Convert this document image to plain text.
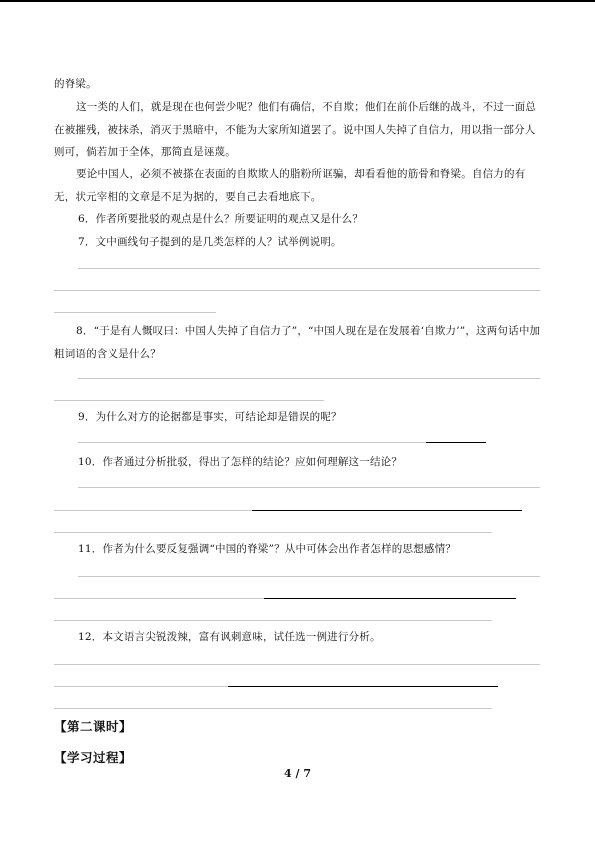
的脊梁。
这一类的人们，就是现在也何尝少呢？他们有确信，不自欺；他们在前仆后继的战斗，不过一面总在被摧残，被抹杀，消灭于黑暗中，不能为大家所知道罢了。说中国人失掉了自信力，用以指一部分人则可，倘若加于全体，那简直是诬蔑。
要论中国人，必须不被搽在表面的自欺欺人的脂粉所诓骗，却看看他的筋骨和脊梁。自信力的有无，状元宰相的文章是不足为据的，要自己去看地底下。
6．作者所要批驳的观点是什么？所要证明的观点又是什么？
7．文中画线句子提到的是几类怎样的人？试举例说明。
8．“于是有人慨叹曰：中国人失掉了自信力了”，“中国人现在是在发展着‘自欺力’”，这两句话中加粗词语的含义是什么？
9．为什么对方的论据都是事实，可结论却是错误的呢？
10．作者通过分析批驳，得出了怎样的结论？应如何理解这一结论？
11．作者为什么要反复强调“中国的脊梁”？从中可体会出作者怎样的思想感情？
12．本文语言尖锐泼辣，富有讽刺意味，试任选一例进行分析。
【第二课时】
【学习过程】
4 / 7
